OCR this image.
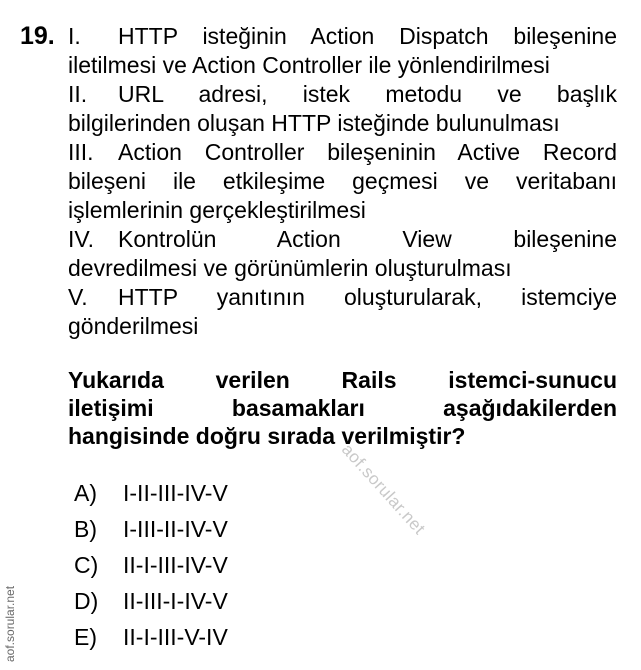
19. I. HTTP isteğinin Action Dispatch bileşenine
iletilmesi ve Action Controller ile yönlendirilmesi
II. URL adresi, istek metodu ve başlık
bilgilerinden oluşan HTTP isteğinde bulunulması
III. Action Controller bileşeninin Active Record
bileşeni ile etkileşime geçmesi ve veritabanı
işlemlerinin gerçekleştirilmesi
IV. Kontrolün Action View bileşenine
devredilmesi ve görünümlerin oluşturulması
V. HTTP yanıtının oluşturularak, istemciye
gönderilmesi
Yukarıda verilen Rails istemci-sunucu
iletişimi basamakları aşağıdakilerden
hangisinde doğru sırada verilmiştir?
A) I-II-III-IV-V
B) I-III-II-IV-V
C) II-I-III-IV-V
D) II-III-I-IV-V
E) II-I-III-V-IV
aof.sorular.net
aof.sorular.net
